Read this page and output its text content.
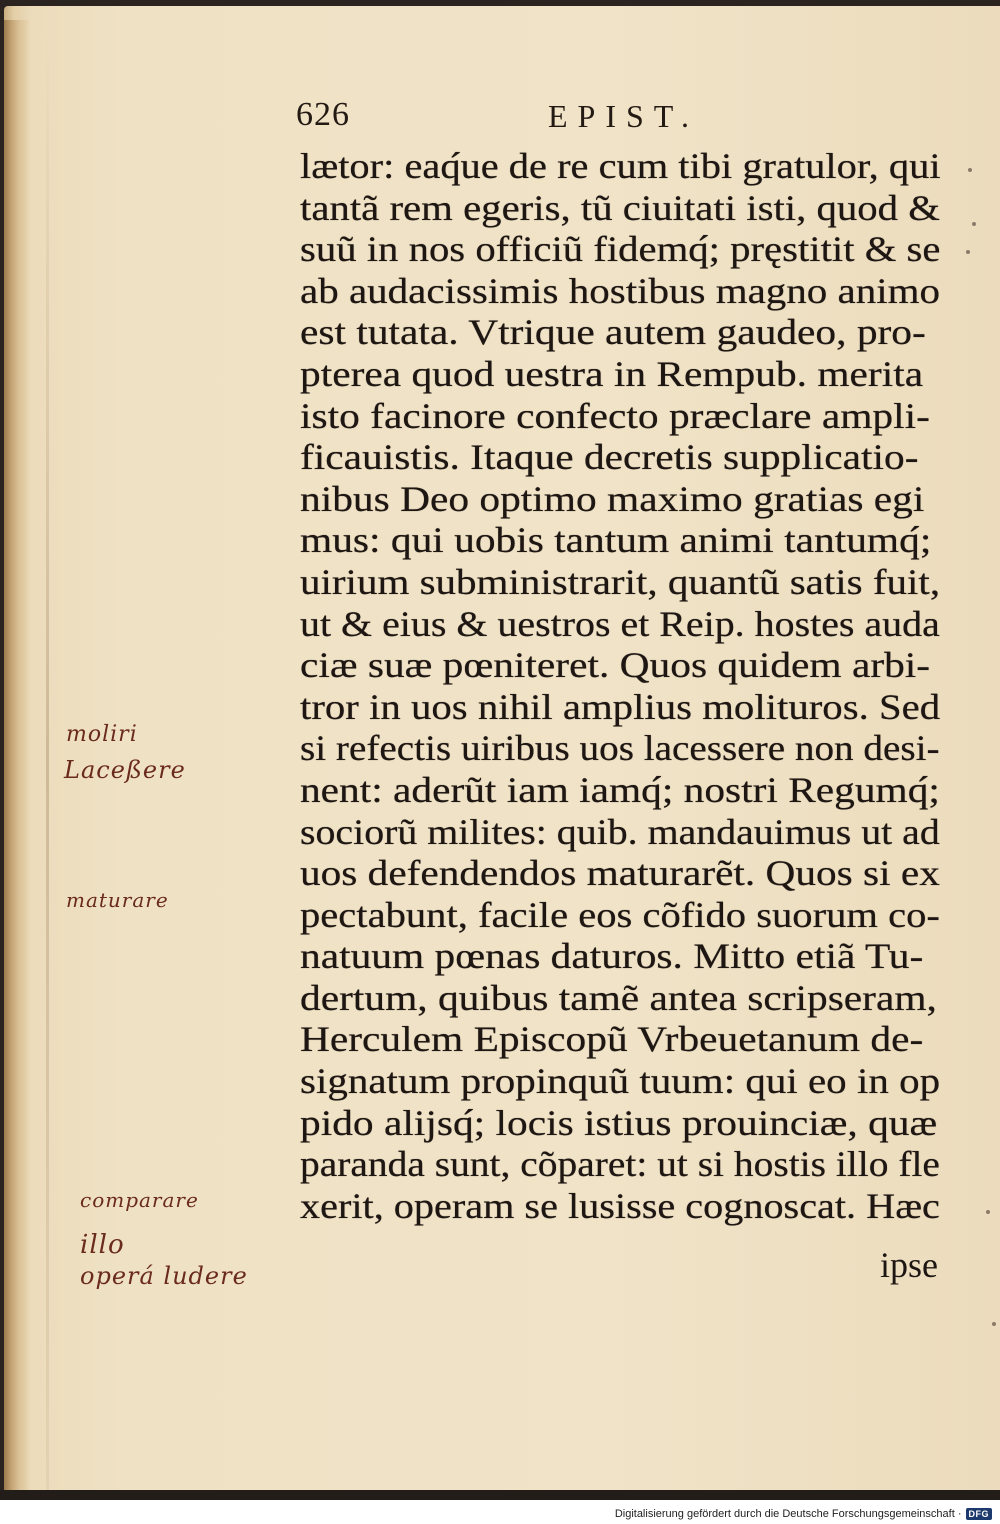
626	EPIST.
lætor: eaq́ue de re cum tibi gratulor, qui
tantã rem egeris, tũ ciuitati isti, quod &
suũ in nos officiũ fidemq́; pręstitit & se
ab audacissimis hostibus magno animo
est tutata. Vtrique autem gaudeo, pro-
pterea quod uestra in Rempub. merita
isto facinore confecto præclare ampli-
ficauistis. Itaque decretis supplicatio-
nibus Deo optimo maximo gratias egi
mus: qui uobis tantum animi tantumq́;
uirium subministrarit, quantũ satis fuit,
ut & eius & uestros et Reip. hostes auda
ciæ suæ pœniteret. Quos quidem arbi-
tror in uos nihil amplius molituros. Sed
si refectis uiribus uos lacessere non desi-
nent: aderũt iam iamq́; nostri Regumq́;
sociorũ milites: quib. mandauimus ut ad
uos defendendos maturarẽt. Quos si ex
pectabunt, facile eos cõfido suorum co-
natuum pœnas daturos. Mitto etiã Tu-
dertum, quibus tamẽ antea scripseram,
Herculem Episcopũ Vrbeuetanum de-
signatum propinquũ tuum: qui eo in op
pido alijsq́; locis istius prouinciæ, quæ
paranda sunt, cõparet: ut si hostis illo fle
xerit, operam se lusisse cognoscat. Hæc
ipse
moliri
Laceßere
maturare
comparare
illo
operá ludere
Digitalisierung gefördert durch die Deutsche Forschungsgemeinschaft · DFG
